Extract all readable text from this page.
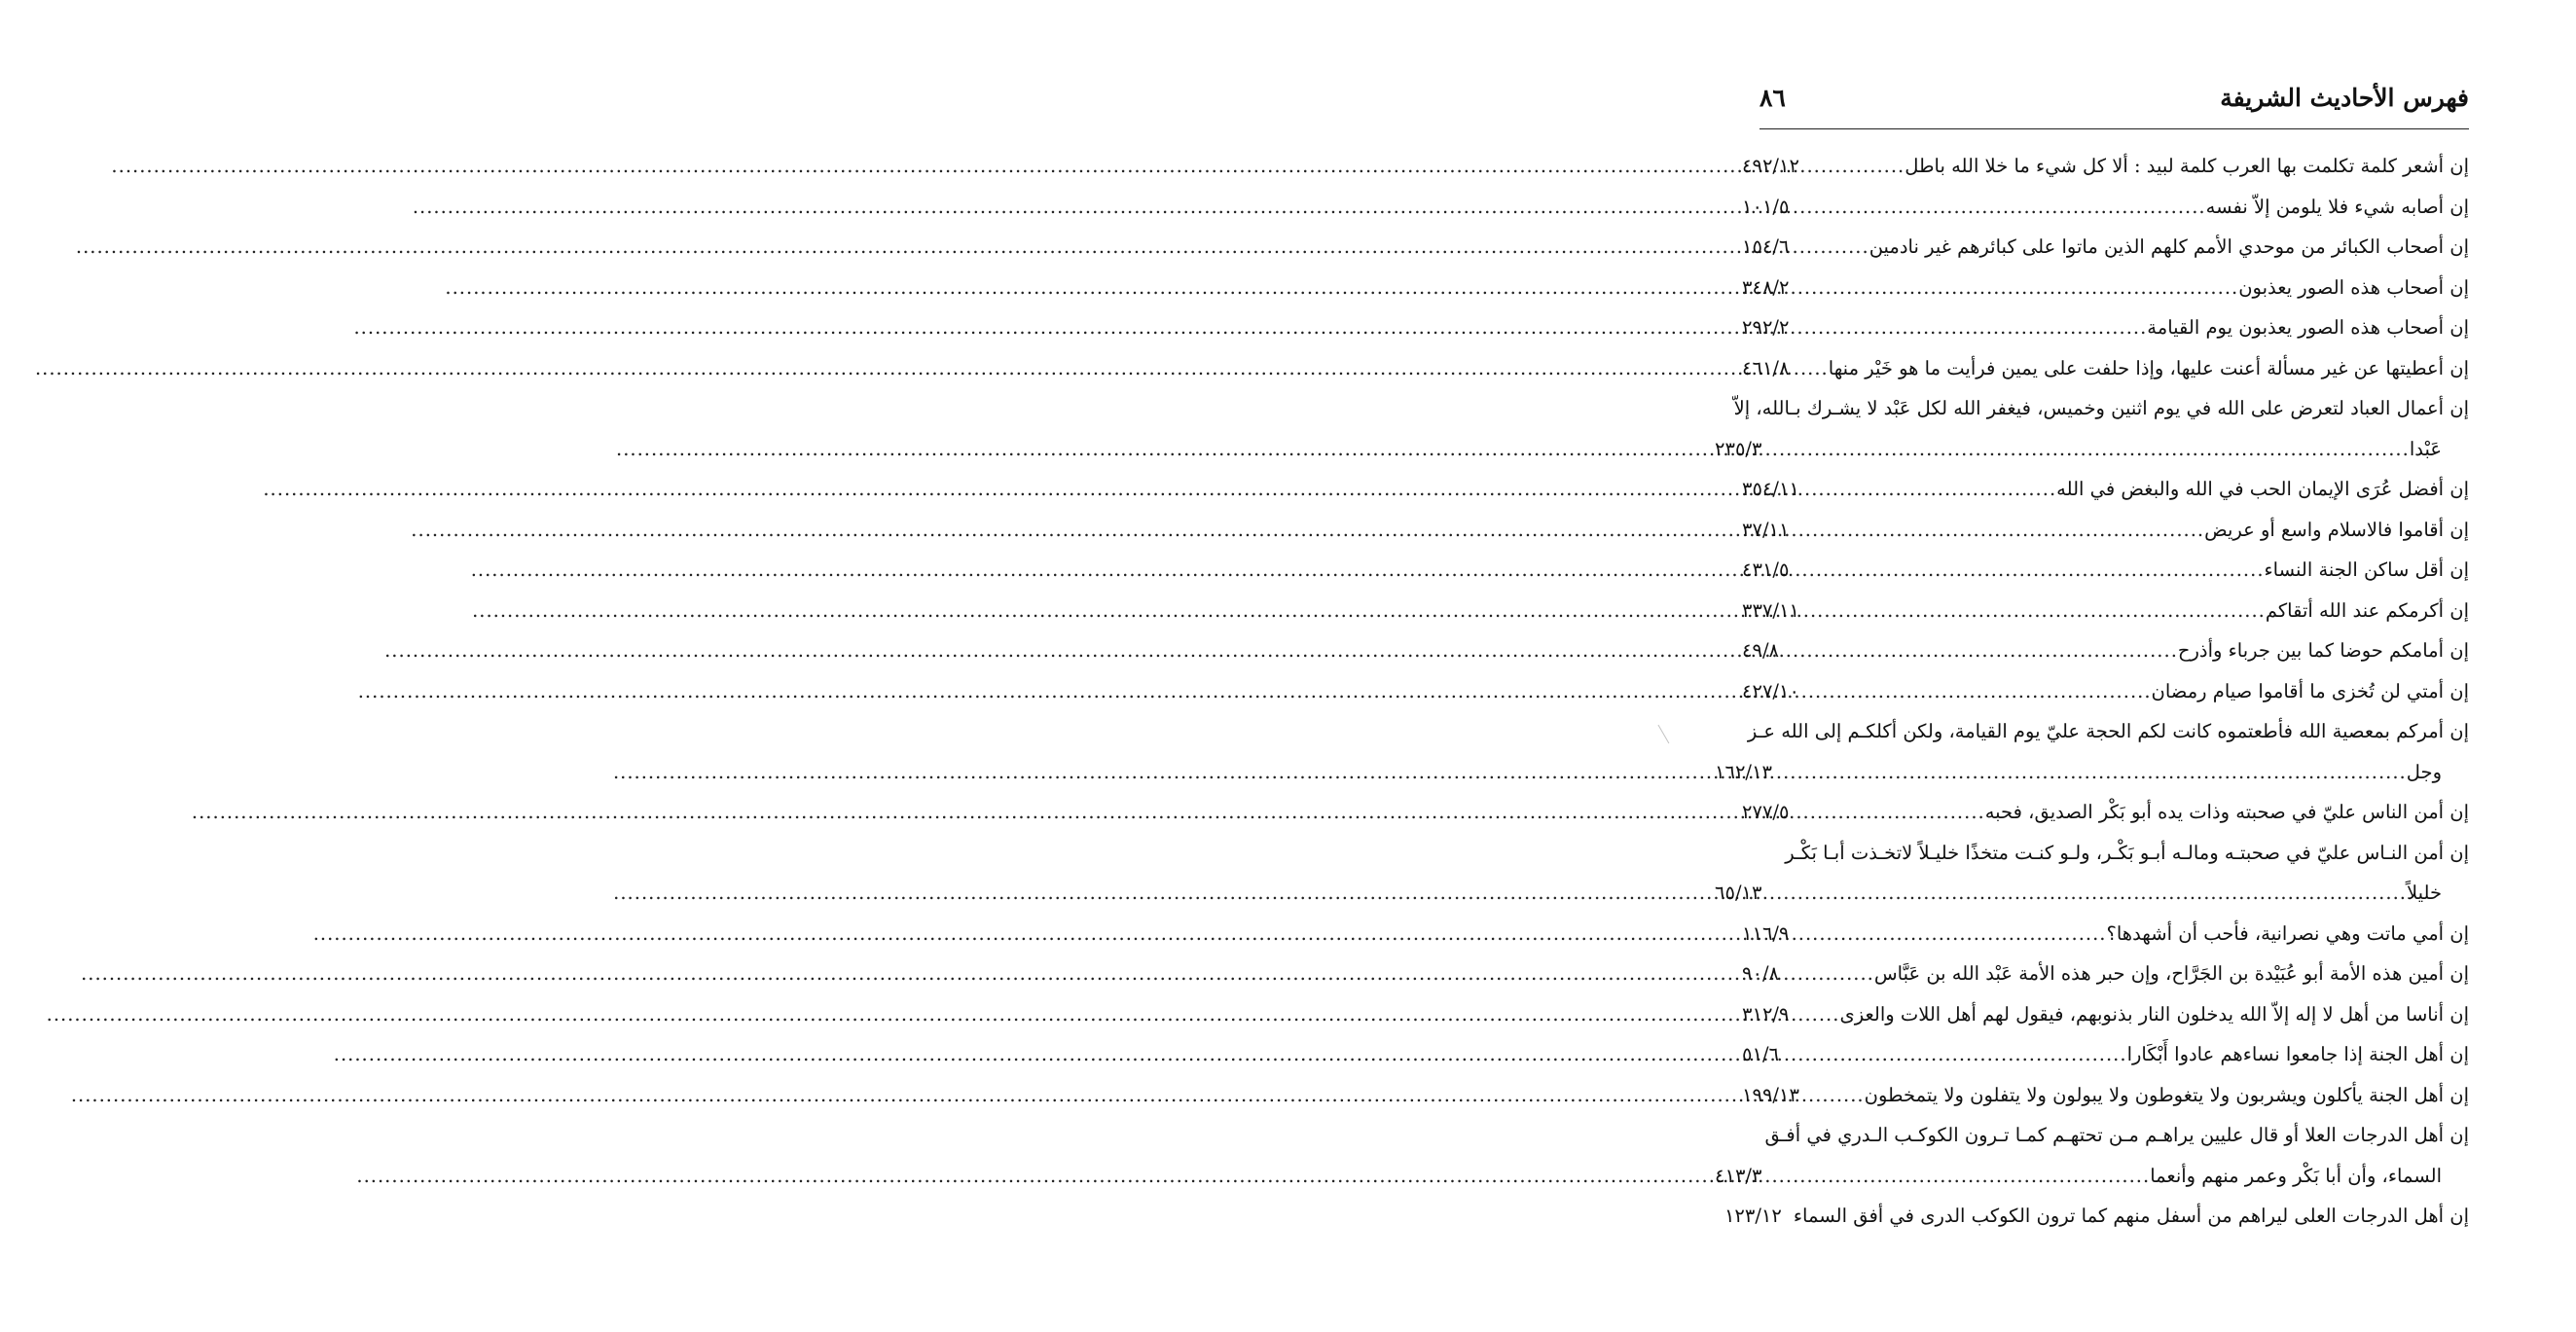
فهرس الأحاديث الشريفة
٨٦
إن أشعر كلمة تكلمت بها العرب كلمة لبيد : ألا كل شيء ما خلا الله باطل
.....
٤٩٢/١٢
إن أصابه شيء فلا يلومن إلاّ نفسه
.....
١٠١/٥
إن أصحاب الكبائر من موحدي الأمم كلهم الذين ماتوا على كبائرهم غير نادمين
.....
١٥٤/٦
إن أصحاب هذه الصور يعذبون
.....
٣٤٨/٢
إن أصحاب هذه الصور يعذبون يوم القيامة
.....
٢٩٢/٢
إن أعطيتها عن غير مسألة أعنت عليها، وإذا حلفت على يمين فرأيت ما هو خَيْر منها
.....
٤٦١/٨
إن أعمال العباد لتعرض على الله في يوم اثنين وخميس، فيغفر الله لكل عَبْد لا يشـرك بـالله، إلاّ
عَبْدا
.....
٢٣٥/٣
إن أفضل عُرَى الإيمان الحب في الله والبغض في الله
.....
٣٥٤/١١
إن أقاموا فالاسلام واسع أو عريض
.....
٣٧/١١
إن أقل ساكن الجنة النساء
.....
٤٣١/٥
إن أكرمكم عند الله أتقاكم
.....
٣٣٧/١١
إن أمامكم حوضا كما بين جرباء وأذرح
.....
٤٩/٨
إن أمتي لن تُخزى ما أقاموا صيام رمضان
.....
٤٢٧/١٠
إن أمركم بمعصية الله فأطعتموه كانت لكم الحجة عليّ يوم القيامة، ولكن أكلكـم إلى الله عـز
وجل
.....
١٦٢/١٣
إن أمن الناس عليّ في صحبته وذات يده أبو بَكْر الصديق، فحبه
.....
٢٧٧/٥
إن أمن النـاس عليّ في صحبتـه ومالـه أبـو بَكْـر، ولـو كنـت متخذًا خليـلاً لاتخـذت أبـا بَكْـر
خليلاً
.....
٦٥/١٣
إن أمي ماتت وهي نصرانية، فأحب أن أشهدها؟
.....
١١٦/٩
إن أمين هذه الأمة أبو عُبَيْدة بن الجَرَّاح، وإن حبر هذه الأمة عَبْد الله بن عَبَّاس
.....
٩٠/٨
إن أناسا من أهل لا إله إلاّ الله يدخلون النار بذنوبهم، فيقول لهم أهل اللات والعزى
.....
٣١٢/٩
إن أهل الجنة إذا جامعوا نساءهم عادوا أَبْكَارا
.....
٥١/٦
إن أهل الجنة يأكلون ويشربون ولا يتغوطون ولا يبولون ولا يتفلون ولا يتمخطون
.....
١٩٩/١٣
إن أهل الدرجات العلا أو قال عليين يراهـم مـن تحتهـم كمـا تـرون الكوكـب الـدري في أفـق
السماء، وأن أبا بَكْر وعمر منهم وأنعما
.....
٤١٣/٣
إن أهل الدرجات العلى ليراهم من أسفل منهم كما ترون الكوكب الدرى في أفق السماء
١٢٣/١٢
